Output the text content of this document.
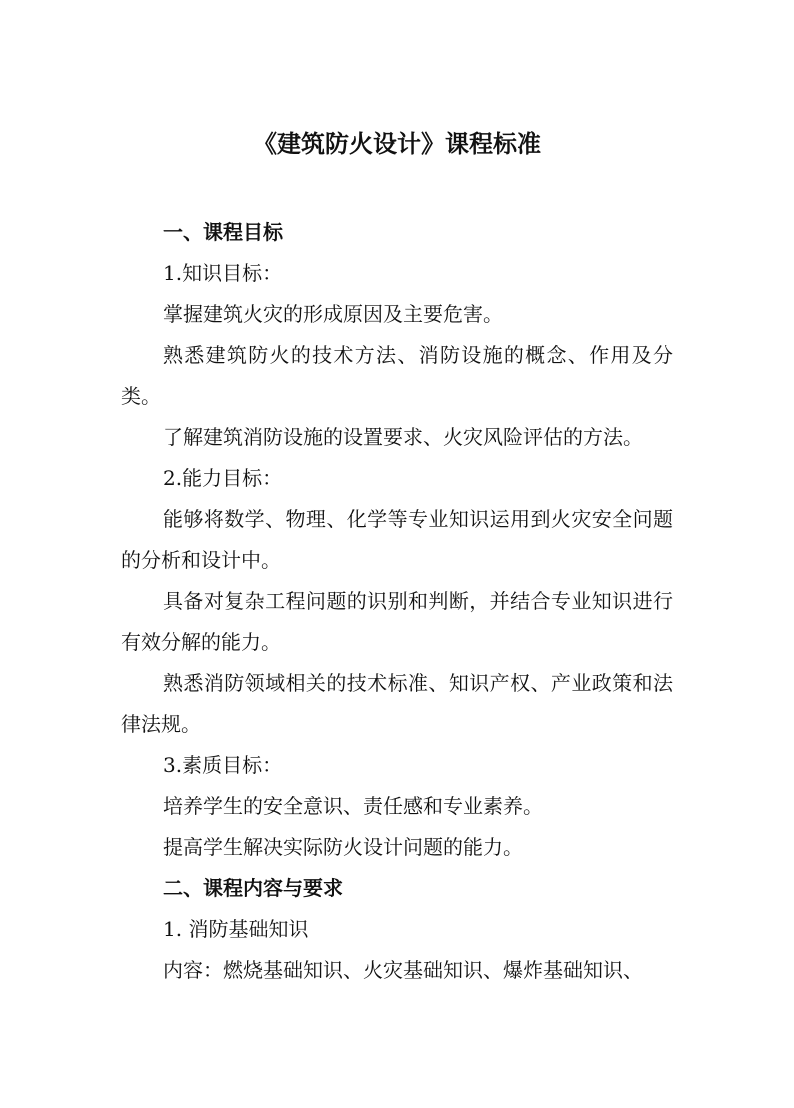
《建筑防火设计》课程标准

一、课程目标

1.知识目标：

掌握建筑火灾的形成原因及主要危害。

熟悉建筑防火的技术方法、消防设施的概念、作用及分类。

了解建筑消防设施的设置要求、火灾风险评估的方法。

2.能力目标：

能够将数学、物理、化学等专业知识运用到火灾安全问题的分析和设计中。

具备对复杂工程问题的识别和判断，并结合专业知识进行有效分解的能力。

熟悉消防领域相关的技术标准、知识产权、产业政策和法律法规。

3.素质目标：

培养学生的安全意识、责任感和专业素养。

提高学生解决实际防火设计问题的能力。

二、课程内容与要求

1. 消防基础知识

内容：燃烧基础知识、火灾基础知识、爆炸基础知识、
